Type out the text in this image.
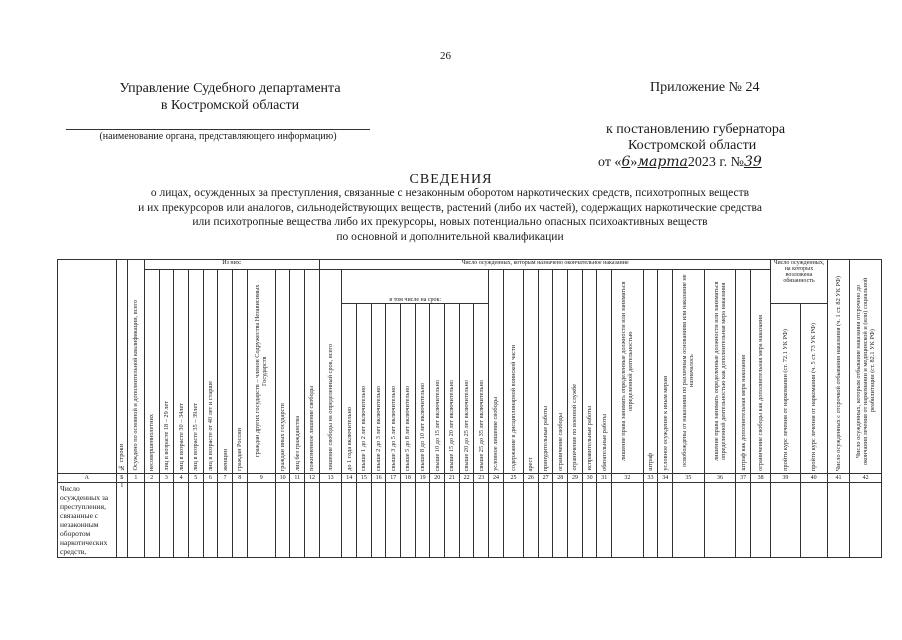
26
Управление Судебного департамента
в Костромской области
(наименование органа, представляющего информацию)
Приложение № 24
к постановлению губернатора
Костромской области
от «6»марта2023 г. №39
СВЕДЕНИЯ
о лицах, осужденных за преступления, связанные с незаконным оборотом наркотических средств, психотропных веществ
и их прекурсоров или аналогов, сильнодействующих веществ, растений (либо их частей), содержащих наркотические средства
или психотропные вещества либо их прекурсоры, новых потенциально опасных психоактивных веществ
по основной и дополнительной квалификации
	№ строки	Осуждено по основной и дополнительной квалификации, всего	Из них:											Число осужденных, которым назначено окончательное наказание																										Число осужденных, на которых возложена обязанность		Число осужденных с отсрочкой отбывания наказания (ч. 1 ст. 82 УК РФ)	Число осужденных, которым отбывание наказания отсрочено до окончания лечения от наркомании и медицинской и (или) социальной реабилитации (ст. 82.1 УК РФ)
			несовершеннолетних	лиц в возрасте 18 – 29 лет	лиц в возрасте 30 – 34лет	лиц в возрасте 35 – 39лет	лиц в возрасте от 40 лет и старше	женщин	граждан России	граждан других государств – членов Содружества Независимых Государств	граждан иных государств	лиц без гражданства	пожизненное лишение свободы	лишение свободы на определенный срок, всего	в том числе на срок:										условное лишение свободы	содержание в дисциплинарной воинской части	арест	принудительные работы	ограничение свободы	ограничение по военной службе	исправительные работы	обязательные работы	лишение права занимать определенные должности или заниматься определенной деятельностью	штраф	условное осуждение к иным мерам	освобождены от наказания по различным основаниям или наказание не назначалось	лишение права занимать определенные должности или заниматься определенной деятельностью как дополнительная мера наказания	штраф как дополнительная мера наказания	ограничение свободы как дополнительная мера наказания				
															до 1 года включительно	свыше 1 до 2 лет включительно	свыше 2 до 3 лет включительно	свыше 3 до 5 лет включительно	свыше 5 до 8 лет включительно	свыше 8 до 10 лет включительно	свыше 10 до 15 лет включительно	свыше 15 до 20 лет включительно	свыше 20 до 25 лет включительно	свыше 25 до 35 лет включительно																пройти курс лечения от наркомании (ст. 72.1 УК РФ)	пройти курс лечения от наркомании (ч. 5 ст. 73 УК РФ)		
А	Б	1	2	3	4	5	6	7	8	9	10	11	12	13	14	15	16	17	18	19	20	21	22	23	24	25	26	27	28	29	30	31	32	33	34	35	36	37	38	39	40	41	42
Число осужденных за преступления, связанные с незаконным оборотом наркотических средств,	1																																										
